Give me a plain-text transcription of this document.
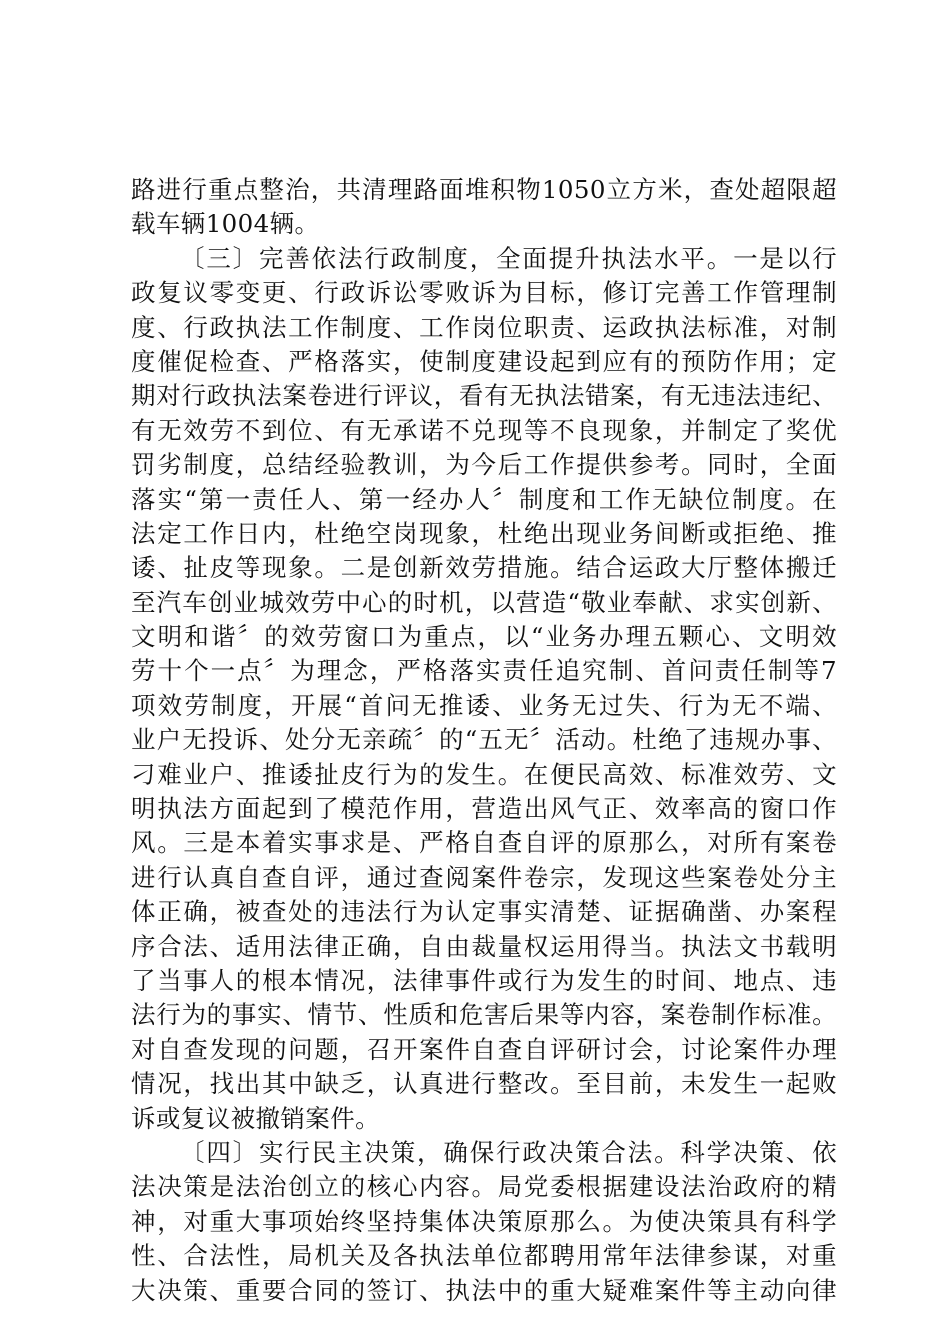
路进行重点整治，共清理路面堆积物1050立方米，查处超限超
载车辆1004辆。
〔三〕完善依法行政制度，全面提升执法水平。一是以行
政复议零变更、行政诉讼零败诉为目标，修订完善工作管理制
度、行政执法工作制度、工作岗位职责、运政执法标准，对制
度催促检查、严格落实，使制度建设起到应有的预防作用；定
期对行政执法案卷进行评议，看有无执法错案，有无违法违纪、
有无效劳不到位、有无承诺不兑现等不良现象，并制定了奖优
罚劣制度，总结经验教训，为今后工作提供参考。同时，全面
落实“第一责任人、第一经办人〞制度和工作无缺位制度。在
法定工作日内，杜绝空岗现象，杜绝出现业务间断或拒绝、推
诿、扯皮等现象。二是创新效劳措施。结合运政大厅整体搬迁
至汽车创业城效劳中心的时机，以营造“敬业奉献、求实创新、
文明和谐〞的效劳窗口为重点，以“业务办理五颗心、文明效
劳十个一点〞为理念，严格落实责任追究制、首问责任制等7
项效劳制度，开展“首问无推诿、业务无过失、行为无不端、
业户无投诉、处分无亲疏〞的“五无〞活动。杜绝了违规办事、
刁难业户、推诿扯皮行为的发生。在便民高效、标准效劳、文
明执法方面起到了模范作用，营造出风气正、效率高的窗口作
风。三是本着实事求是、严格自查自评的原那么，对所有案卷
进行认真自查自评，通过查阅案件卷宗，发现这些案卷处分主
体正确，被查处的违法行为认定事实清楚、证据确凿、办案程
序合法、适用法律正确，自由裁量权运用得当。执法文书载明
了当事人的根本情况，法律事件或行为发生的时间、地点、违
法行为的事实、情节、性质和危害后果等内容，案卷制作标准。
对自查发现的问题，召开案件自查自评研讨会，讨论案件办理
情况，找出其中缺乏，认真进行整改。至目前，未发生一起败
诉或复议被撤销案件。
〔四〕实行民主决策，确保行政决策合法。科学决策、依
法决策是法治创立的核心内容。局党委根据建设法治政府的精
神，对重大事项始终坚持集体决策原那么。为使决策具有科学
性、合法性，局机关及各执法单位都聘用常年法律参谋，对重
大决策、重要合同的签订、执法中的重大疑难案件等主动向律
